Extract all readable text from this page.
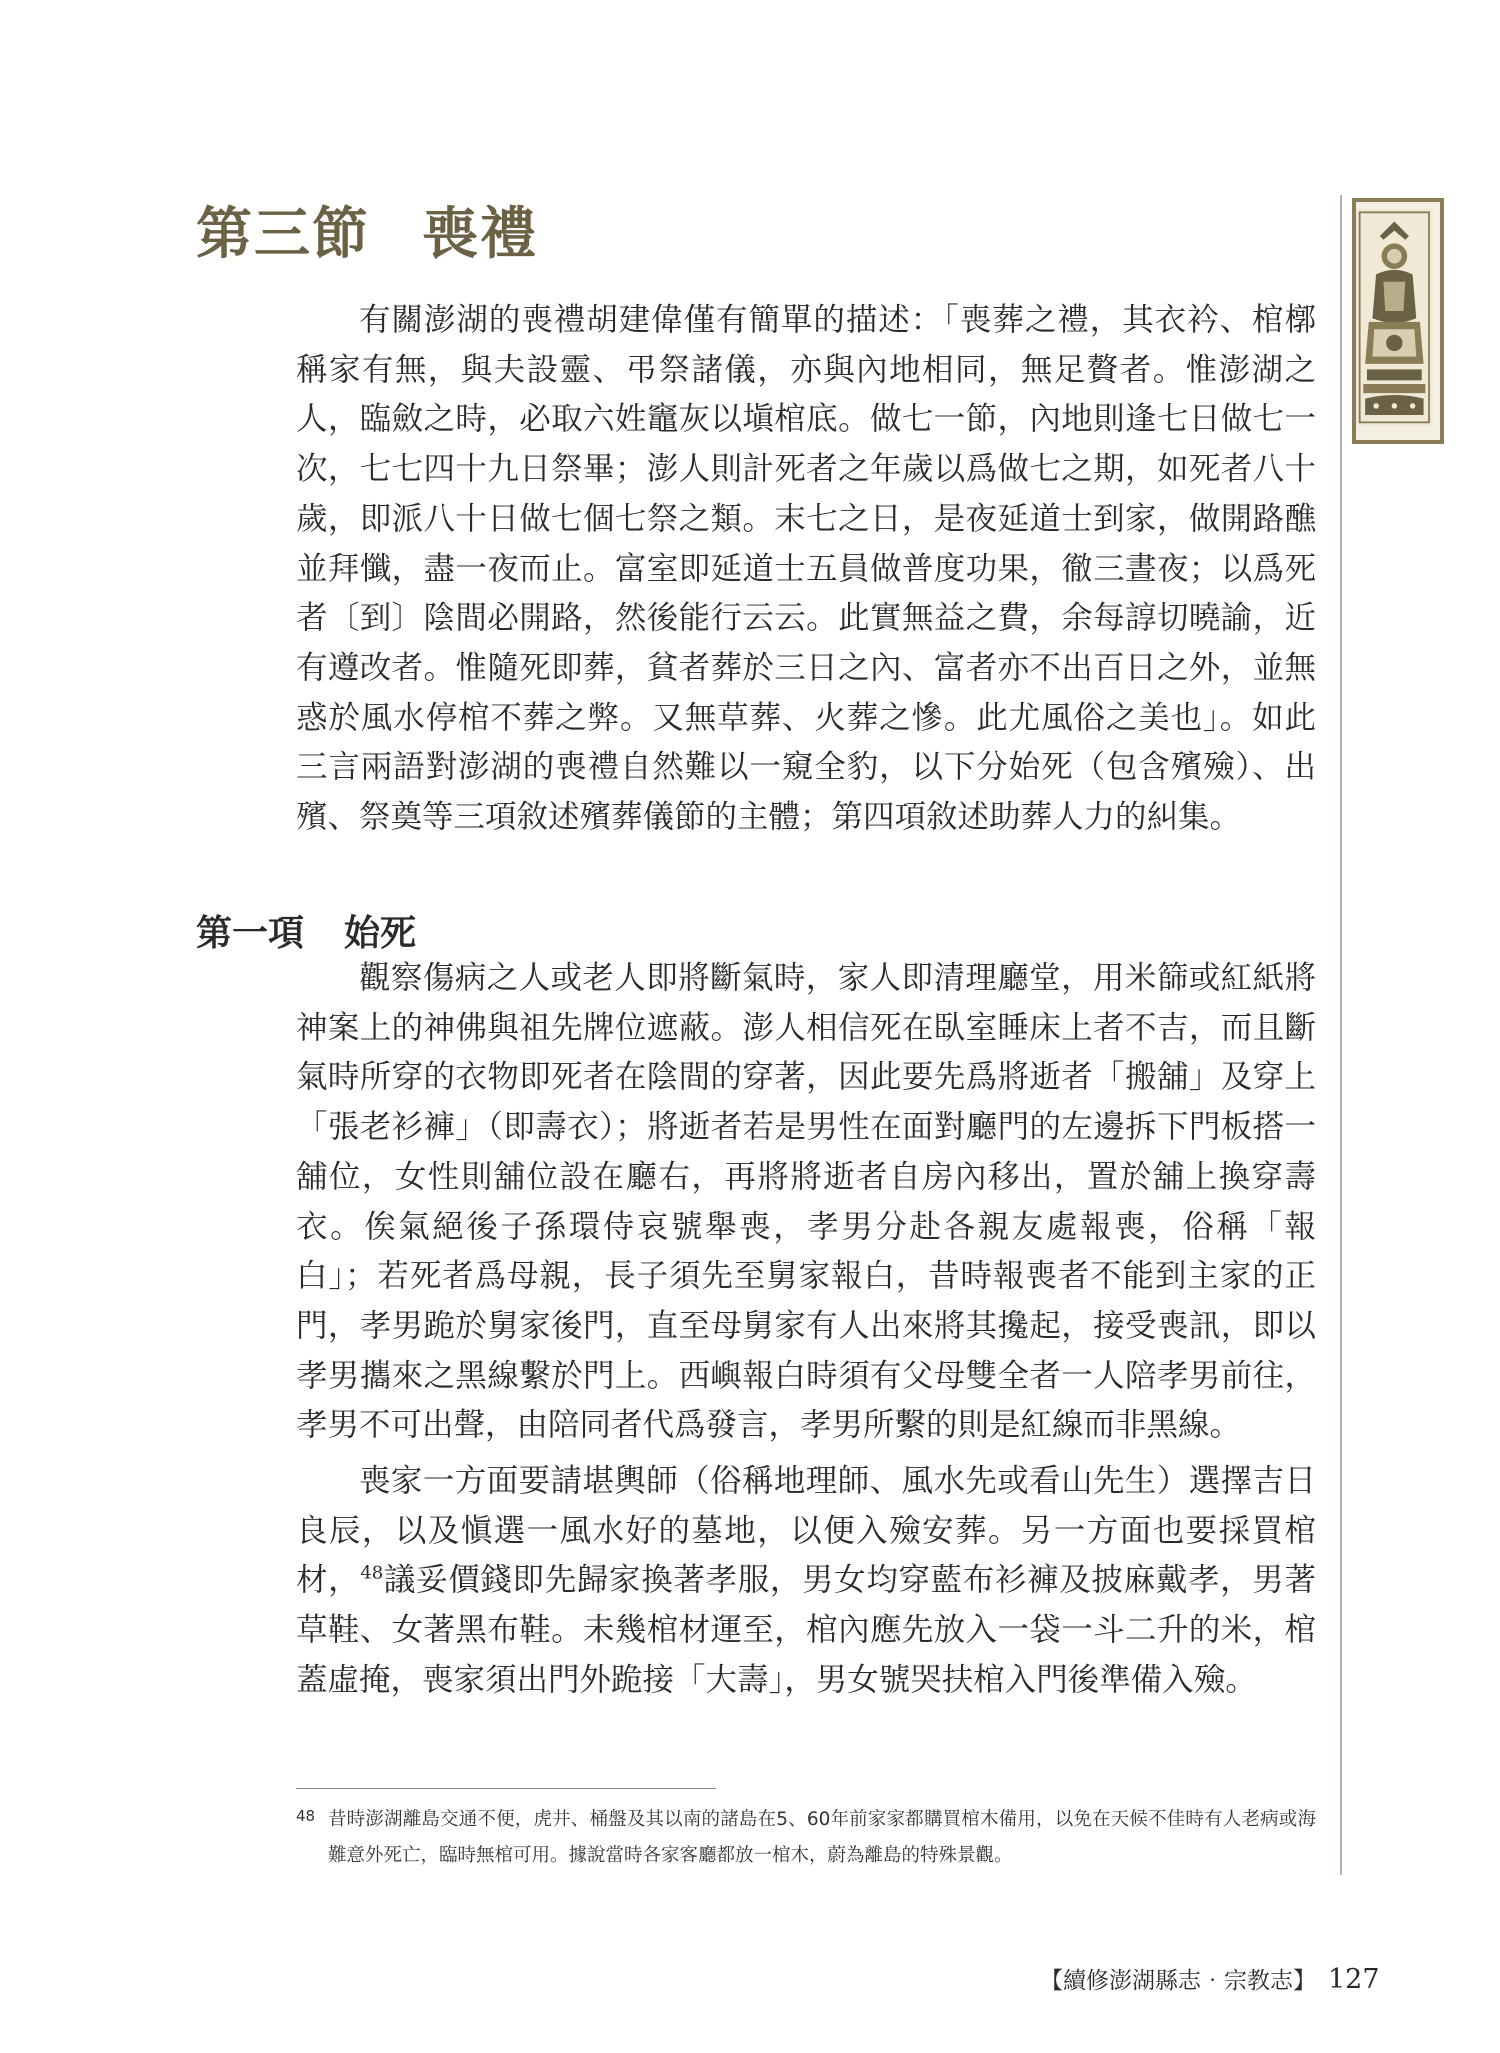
第三節 喪禮

有關澎湖的喪禮胡建偉僅有簡單的描述：「喪葬之禮，其衣衿、棺槨稱家有無，與夫設靈、弔祭諸儀，亦與內地相同，無足贅者。惟澎湖之人，臨斂之時，必取六姓竈灰以塡棺底。做七一節，內地則逢七日做七一次，七七四十九日祭畢；澎人則計死者之年歲以爲做七之期，如死者八十歲，即派八十日做七個七祭之類。末七之日，是夜延道士到家，做開路醮並拜懺，盡一夜而止。富室即延道士五員做普度功果，徹三晝夜；以爲死者〔到〕陰間必開路，然後能行云云。此實無益之費，余每諄切曉諭，近有遵改者。惟隨死即葬，貧者葬於三日之內、富者亦不出百日之外，並無惑於風水停棺不葬之弊。又無草葬、火葬之慘。此尤風俗之美也」。如此三言兩語對澎湖的喪禮自然難以一窺全豹，以下分始死（包含殯殮）、出殯、祭奠等三項敘述殯葬儀節的主體；第四項敘述助葬人力的糾集。

第一項 始死

觀察傷病之人或老人即將斷氣時，家人即清理廳堂，用米篩或紅紙將神案上的神佛與祖先牌位遮蔽。澎人相信死在臥室睡床上者不吉，而且斷氣時所穿的衣物即死者在陰間的穿著，因此要先爲將逝者「搬舖」及穿上「張老衫褲」（即壽衣）；將逝者若是男性在面對廳門的左邊拆下門板搭一舖位，女性則舖位設在廳右，再將將逝者自房內移出，置於舖上換穿壽衣。俟氣絕後子孫環侍哀號舉喪，孝男分赴各親友處報喪，俗稱「報白」；若死者爲母親，長子須先至舅家報白，昔時報喪者不能到主家的正門，孝男跪於舅家後門，直至母舅家有人出來將其攙起，接受喪訊，即以孝男攜來之黑線繫於門上。西嶼報白時須有父母雙全者一人陪孝男前往，孝男不可出聲，由陪同者代爲發言，孝男所繫的則是紅線而非黑線。

喪家一方面要請堪輿師（俗稱地理師、風水先或看山先生）選擇吉日良辰，以及愼選一風水好的墓地，以便入殮安葬。另一方面也要採買棺材，$^{48}$議妥價錢即先歸家換著孝服，男女均穿藍布衫褲及披麻戴孝，男著草鞋、女著黑布鞋。未幾棺材運至，棺內應先放入一袋一斗二升的米，棺蓋虛掩，喪家須出門外跪接「大壽」，男女號哭扶棺入門後準備入殮。

48 昔時澎湖離島交通不便，虎井、桶盤及其以南的諸島在5、60年前家家都購買棺木備用，以免在天候不佳時有人老病或海難意外死亡，臨時無棺可用。據說當時各家客廳都放一棺木，蔚為離島的特殊景觀。
【續修澎湖縣志‧宗教志】 127
